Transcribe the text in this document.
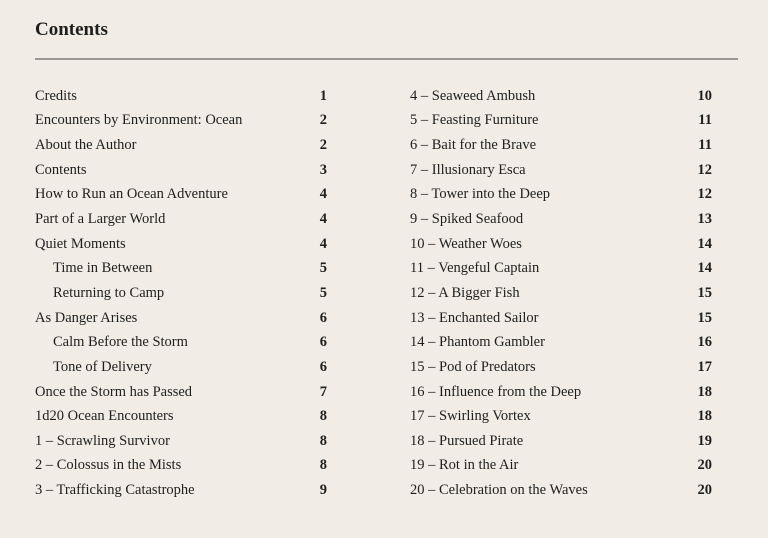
Contents
Credits	1
Encounters by Environment: Ocean	2
About the Author	2
Contents	3
How to Run an Ocean Adventure	4
Part of a Larger World	4
Quiet Moments	4
Time in Between	5
Returning to Camp	5
As Danger Arises	6
Calm Before the Storm	6
Tone of Delivery	6
Once the Storm has Passed	7
1d20 Ocean Encounters	8
1 – Scrawling Survivor	8
2 – Colossus in the Mists	8
3 – Trafficking Catastrophe	9
4 – Seaweed Ambush	10
5 – Feasting Furniture	11
6 – Bait for the Brave	11
7 – Illusionary Esca	12
8 – Tower into the Deep	12
9 – Spiked Seafood	13
10 – Weather Woes	14
11 – Vengeful Captain	14
12 – A Bigger Fish	15
13 – Enchanted Sailor	15
14 – Phantom Gambler	16
15 – Pod of Predators	17
16 – Influence from the Deep	18
17 – Swirling Vortex	18
18 – Pursued Pirate	19
19 – Rot in the Air	20
20 – Celebration on the Waves	20
